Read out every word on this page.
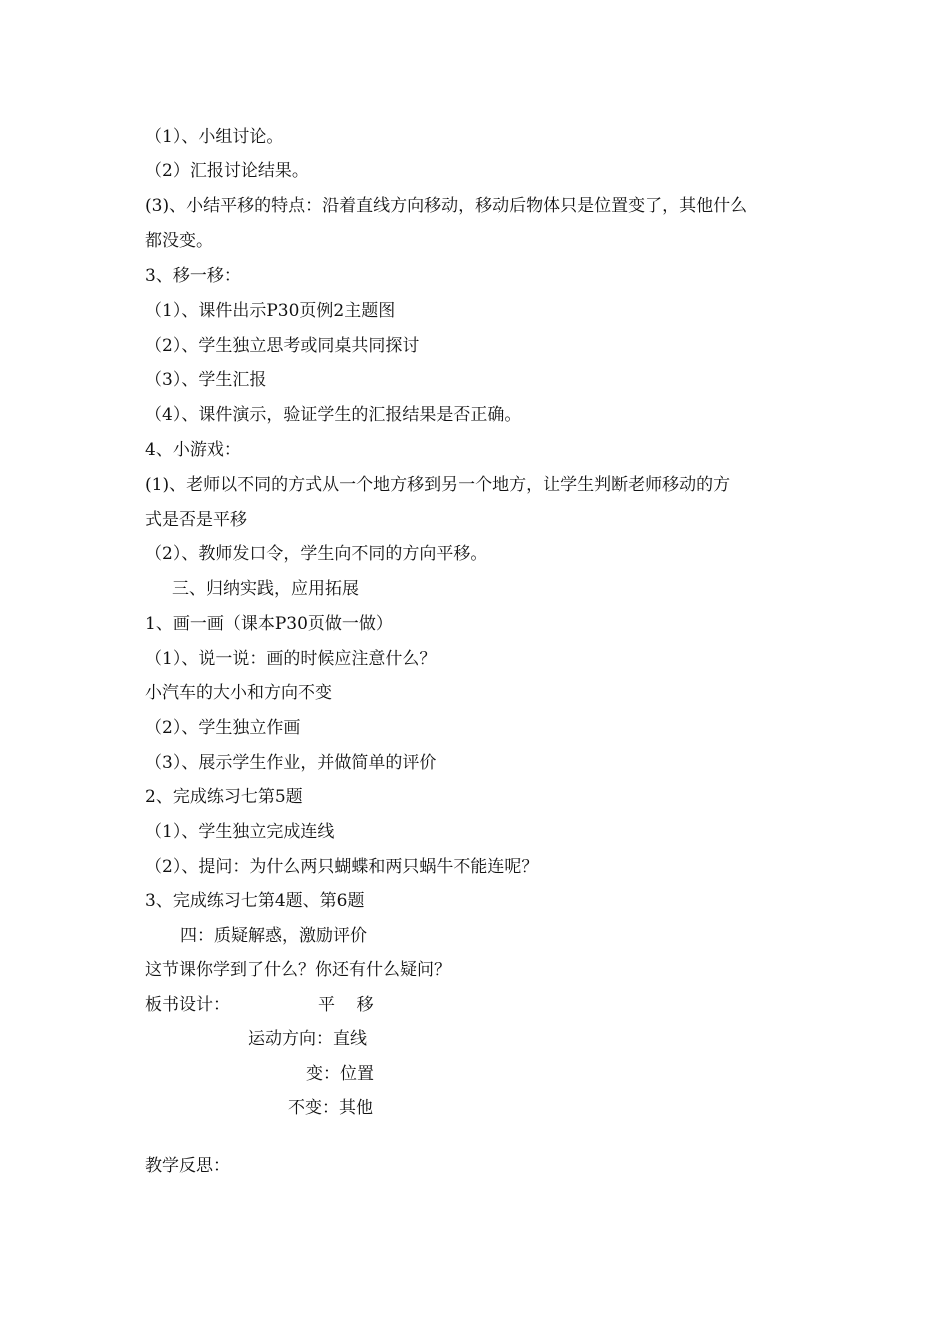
（1）、小组讨论。
（2）汇报讨论结果。
(3)、小结平移的特点：沿着直线方向移动，移动后物体只是位置变了，其他什么
都没变。
3、移一移：
（1）、课件出示P30页例2主题图
（2）、学生独立思考或同桌共同探讨
（3）、学生汇报
（4）、课件演示，验证学生的汇报结果是否正确。
4、小游戏：
(1)、老师以不同的方式从一个地方移到另一个地方，让学生判断老师移动的方
式是否是平移
（2）、教师发口令，学生向不同的方向平移。
三、归纳实践，应用拓展
1、画一画（课本P30页做一做）
（1）、说一说：画的时候应注意什么？
小汽车的大小和方向不变
（2）、学生独立作画
（3）、展示学生作业，并做简单的评价
2、完成练习七第5题
（1）、学生独立完成连线
（2）、提问：为什么两只蝴蝶和两只蜗牛不能连呢？
3、完成练习七第4题、第6题
四：质疑解惑，激励评价
这节课你学到了什么？你还有什么疑问？
板书设计：	平    移
运动方向：直线
变：位置
不变：其他
教学反思：
